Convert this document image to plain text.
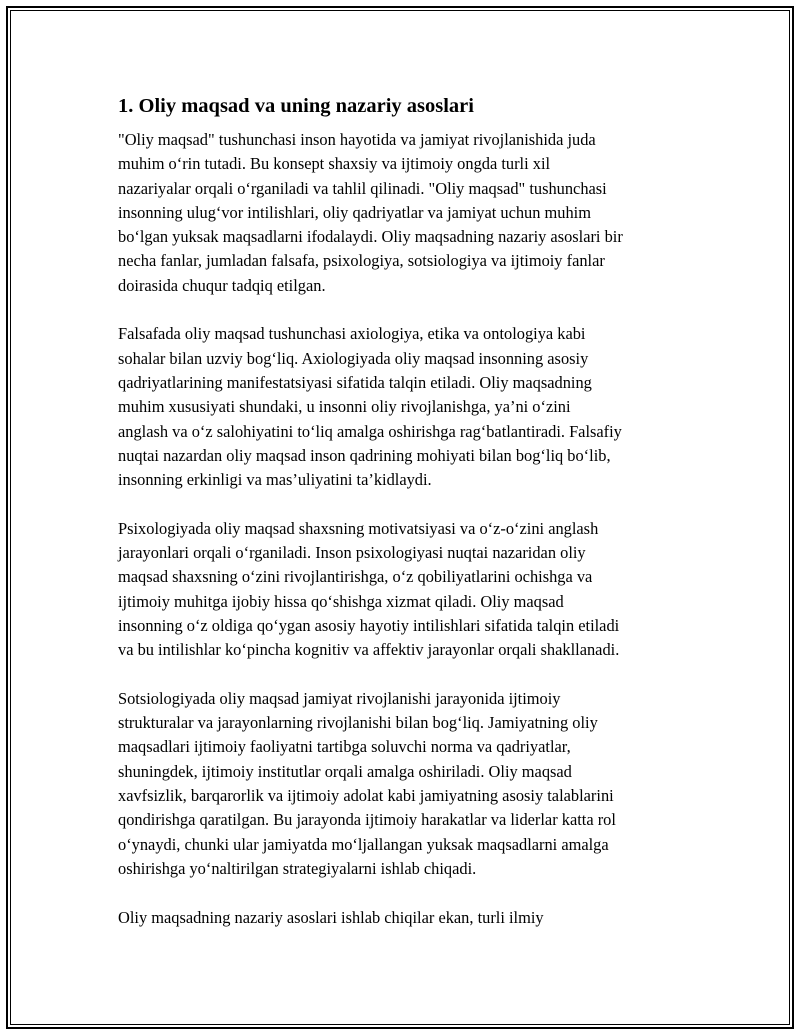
1. Oliy maqsad va uning nazariy asoslari

"Oliy maqsad" tushunchasi inson hayotida va jamiyat rivojlanishida juda
muhim o‘rin tutadi. Bu konsept shaxsiy va ijtimoiy ongda turli xil
nazariyalar orqali o‘rganiladi va tahlil qilinadi. "Oliy maqsad" tushunchasi
insonning ulug‘vor intilishlari, oliy qadriyatlar va jamiyat uchun muhim
bo‘lgan yuksak maqsadlarni ifodalaydi. Oliy maqsadning nazariy asoslari bir
necha fanlar, jumladan falsafa, psixologiya, sotsiologiya va ijtimoiy fanlar
doirasida chuqur tadqiq etilgan.

Falsafada oliy maqsad tushunchasi axiologiya, etika va ontologiya kabi
sohalar bilan uzviy bog‘liq. Axiologiyada oliy maqsad insonning asosiy
qadriyatlarining manifestatsiyasi sifatida talqin etiladi. Oliy maqsadning
muhim xususiyati shundaki, u insonni oliy rivojlanishga, ya’ni o‘zini
anglash va o‘z salohiyatini to‘liq amalga oshirishga rag‘batlantiradi. Falsafiy
nuqtai nazardan oliy maqsad inson qadrining mohiyati bilan bog‘liq bo‘lib,
insonning erkinligi va mas’uliyatini ta’kidlaydi.

Psixologiyada oliy maqsad shaxsning motivatsiyasi va o‘z-o‘zini anglash
jarayonlari orqali o‘rganiladi. Inson psixologiyasi nuqtai nazaridan oliy
maqsad shaxsning o‘zini rivojlantirishga, o‘z qobiliyatlarini ochishga va
ijtimoiy muhitga ijobiy hissa qo‘shishga xizmat qiladi. Oliy maqsad
insonning o‘z oldiga qo‘ygan asosiy hayotiy intilishlari sifatida talqin etiladi
va bu intilishlar ko‘pincha kognitiv va affektiv jarayonlar orqali shakllanadi.

Sotsiologiyada oliy maqsad jamiyat rivojlanishi jarayonida ijtimoiy
strukturalar va jarayonlarning rivojlanishi bilan bog‘liq. Jamiyatning oliy
maqsadlari ijtimoiy faoliyatni tartibga soluvchi norma va qadriyatlar,
shuningdek, ijtimoiy institutlar orqali amalga oshiriladi. Oliy maqsad
xavfsizlik, barqarorlik va ijtimoiy adolat kabi jamiyatning asosiy talablarini
qondirishga qaratilgan. Bu jarayonda ijtimoiy harakatlar va liderlar katta rol
o‘ynaydi, chunki ular jamiyatda mo‘ljallangan yuksak maqsadlarni amalga
oshirishga yo‘naltirilgan strategiyalarni ishlab chiqadi.

Oliy maqsadning nazariy asoslari ishlab chiqilar ekan, turli ilmiy
